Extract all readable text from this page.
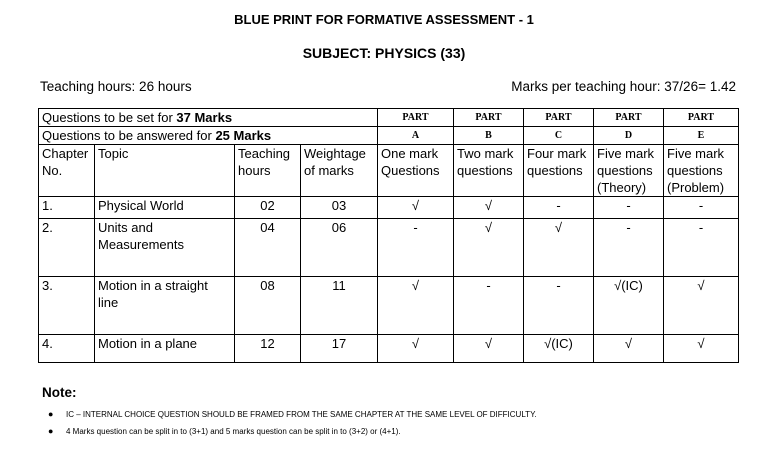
BLUE PRINT FOR FORMATIVE ASSESSMENT - 1
SUBJECT: PHYSICS (33)
Teaching hours: 26 hours	Marks per teaching hour: 37/26= 1.42
Questions to be set for 37 Marks				PART	PART	PART	PART	PART
Questions to be answered for 25 Marks				A	B	C	D	E
Chapter No.	Topic	Teaching hours	Weightage of marks	One mark Questions	Two mark questions	Four mark questions	Five mark questions (Theory)	Five mark questions (Problem)
1.	Physical World	02	03	√	√	-	-	-
2.	Units and Measurements	04	06	-	√	√	-	-
3.	Motion in a straight line	08	11	√	-	-	√(IC)	√
4.	Motion in a plane	12	17	√	√	√(IC)	√	√
Note:
● IC – INTERNAL CHOICE QUESTION SHOULD BE FRAMED FROM THE SAME CHAPTER AT THE SAME LEVEL OF DIFFICULTY.
● 4 Marks question can be split in to (3+1) and 5 marks question can be split in to (3+2) or (4+1).
